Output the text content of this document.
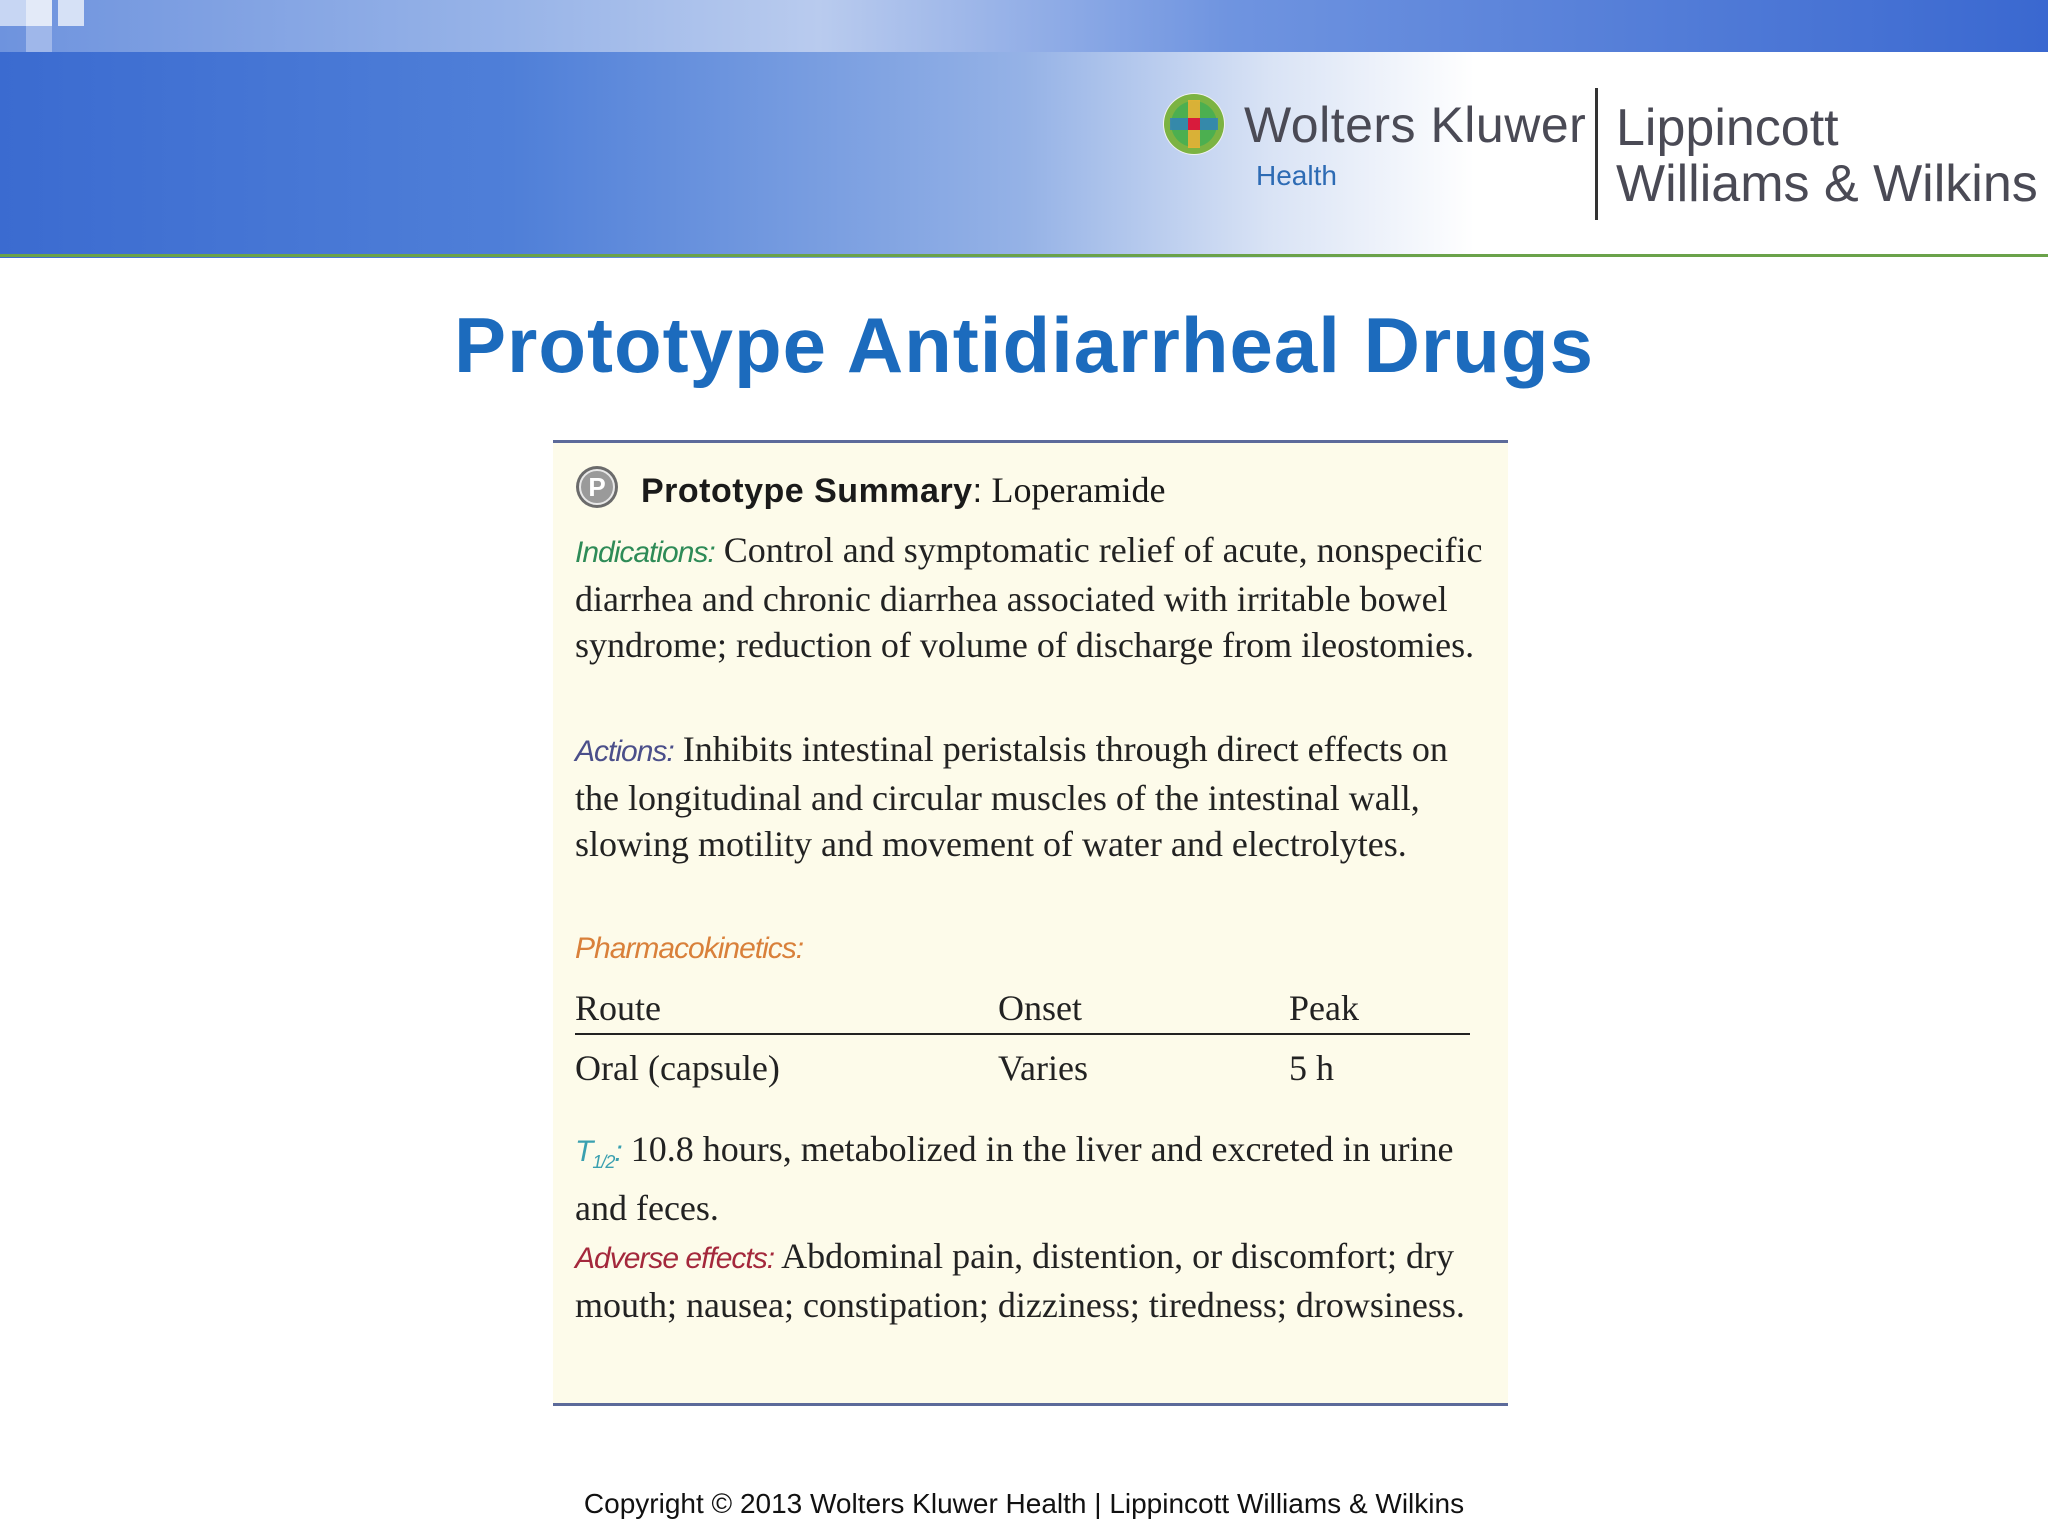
Wolters Kluwer
Health
Lippincott
Williams & Wilkins
Prototype Antidiarrheal Drugs
P Prototype Summary: Loperamide
Indications: Control and symptomatic relief of acute, nonspecific diarrhea and chronic diarrhea associated with irritable bowel syndrome; reduction of volume of discharge from ileostomies.
Actions: Inhibits intestinal peristalsis through direct effects on the longitudinal and circular muscles of the intestinal wall, slowing motility and movement of water and electrolytes.
Pharmacokinetics:
Route	Onset	Peak
Oral (capsule)	Varies	5 h
$T_{1/2}$: 10.8 hours, metabolized in the liver and excreted in urine and feces.
Adverse effects: Abdominal pain, distention, or discomfort; dry mouth; nausea; constipation; dizziness; tiredness; drowsiness.
Copyright © 2013 Wolters Kluwer Health | Lippincott Williams & Wilkins
